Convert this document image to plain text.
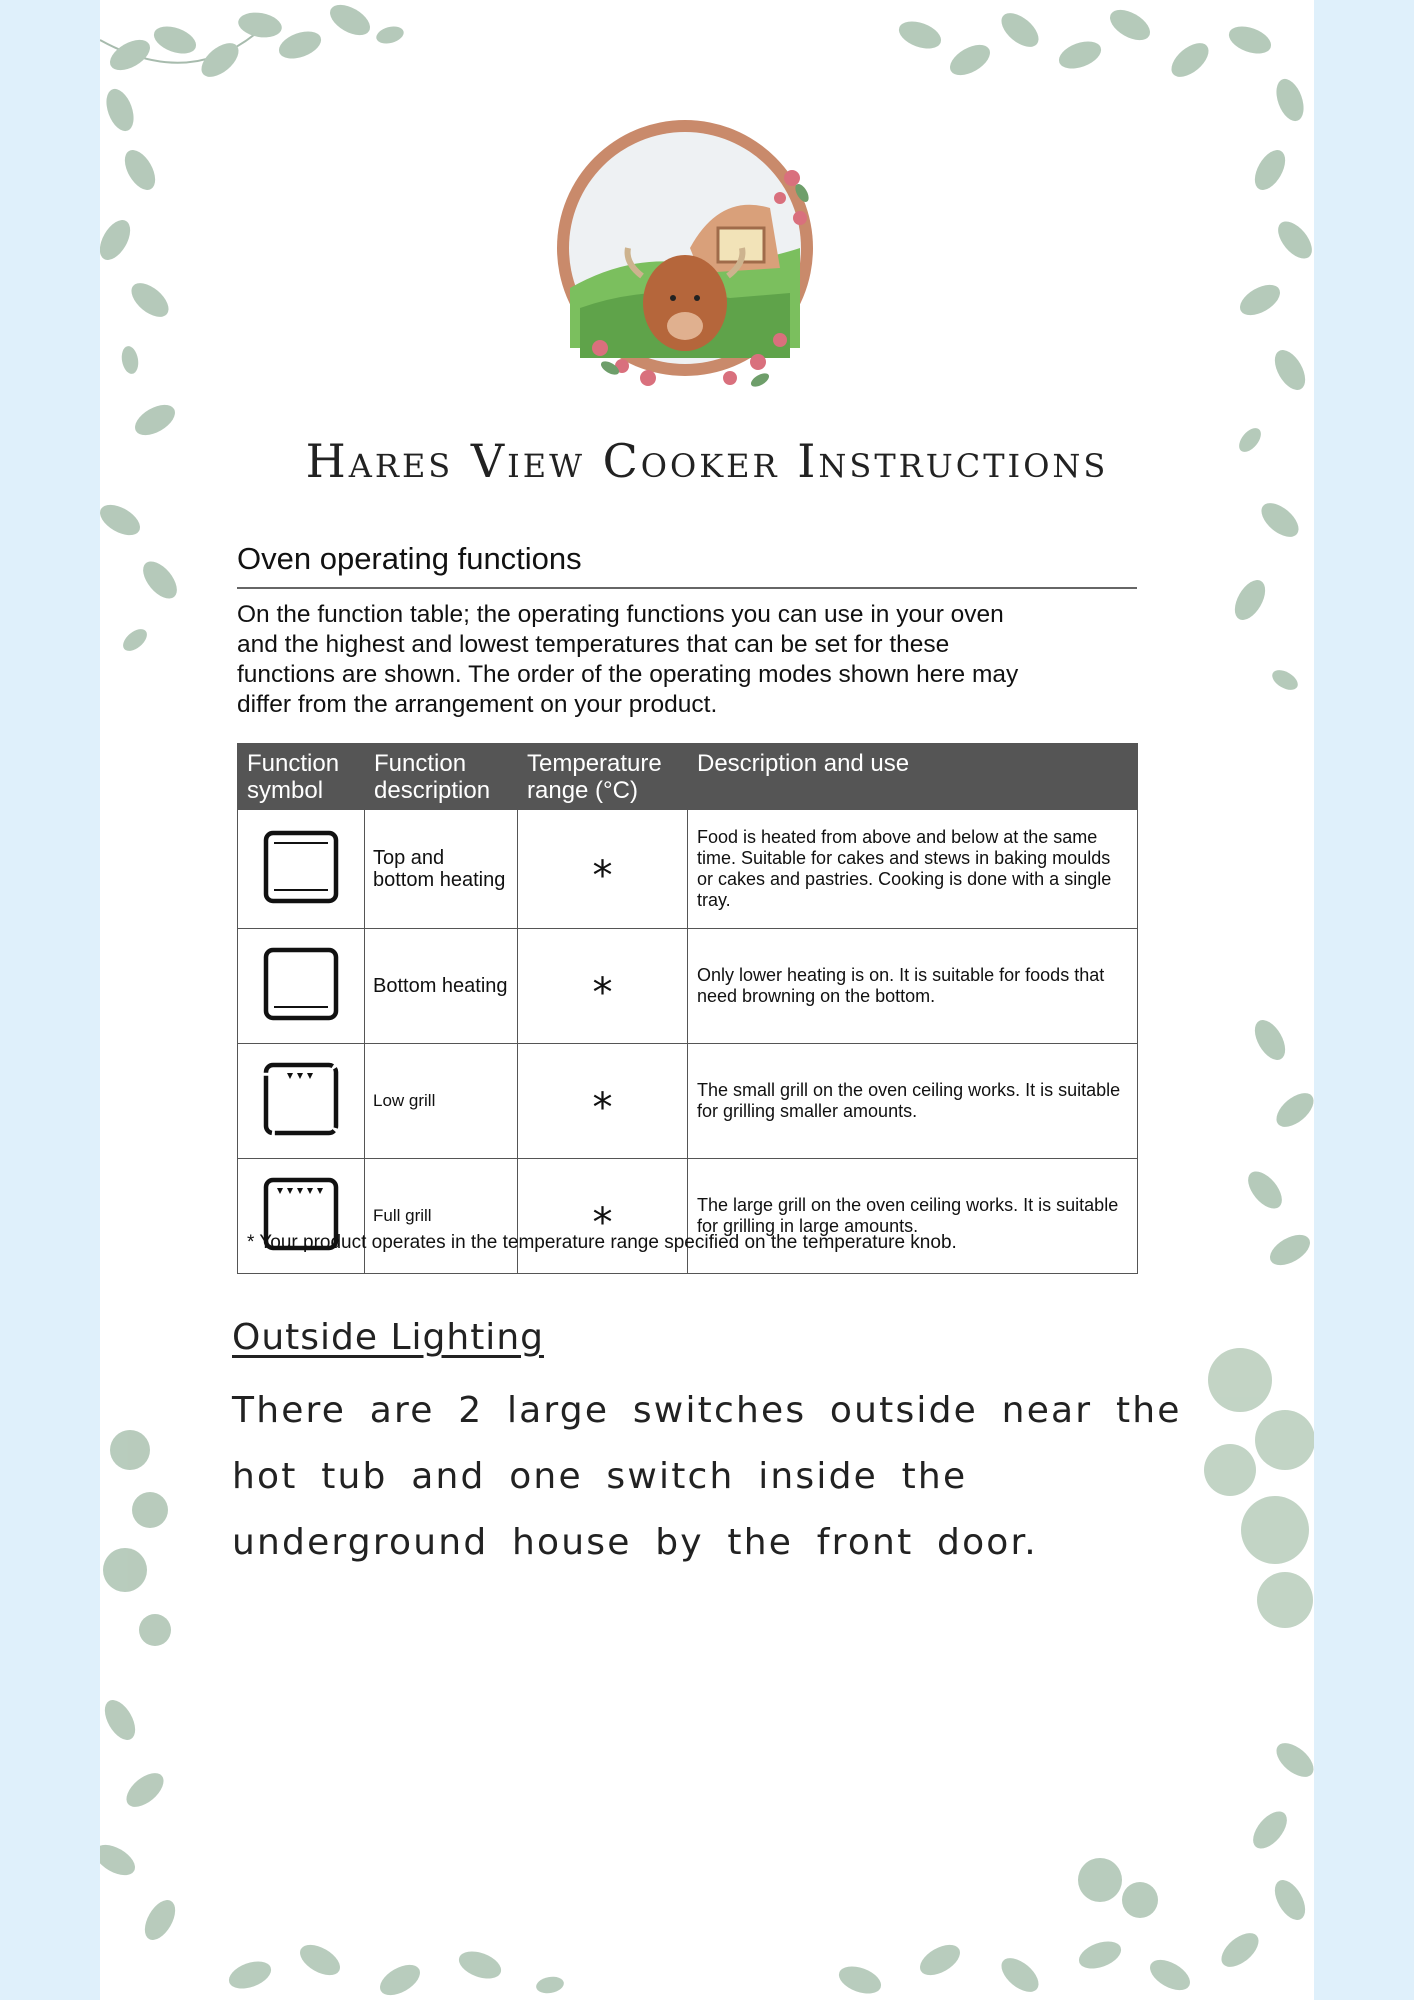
Hares View Cooker Instructions
Oven operating functions

On the function table; the operating functions you can use in your oven and the highest and lowest temperatures that can be set for these functions are shown. The order of the operating modes shown here may differ from the arrangement on your product.

Function symbol	Function description	Temperature range (°C)	Description and use
	Top and bottom heating	*	Food is heated from above and below at the same time. Suitable for cakes and stews in baking moulds or cakes and pastries. Cooking is done with a single tray.
	Bottom heating	*	Only lower heating is on. It is suitable for foods that need browning on the bottom.
	Low grill	*	The small grill on the oven ceiling works. It is suitable for grilling smaller amounts.
	Full grill	*	The large grill on the oven ceiling works. It is suitable for grilling in large amounts.

* Your product operates in the temperature range specified on the temperature knob.

Outside Lighting

There are 2 large switches outside near the hot tub and one switch inside the underground house by the front door.
